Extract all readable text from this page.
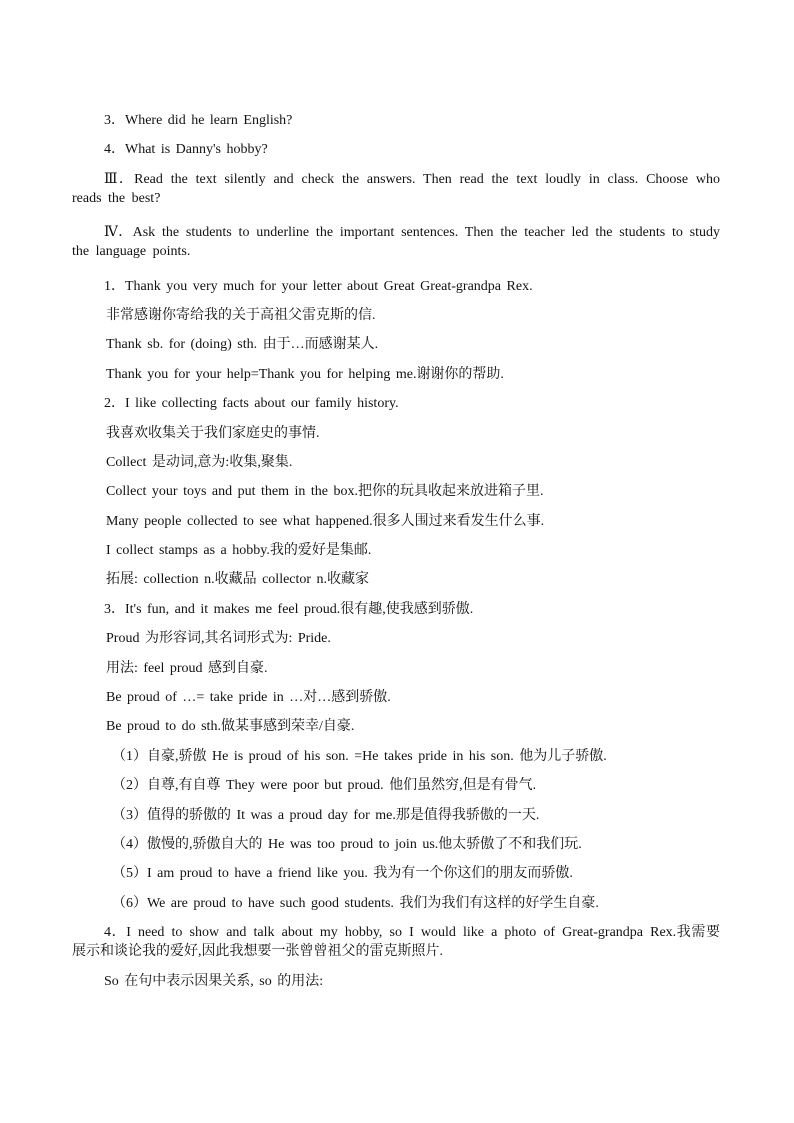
3．Where did he learn English?

4．What is Danny's hobby?

Ⅲ．Read the text silently and check the answers. Then read the text loudly in class. Choose who reads the best?

Ⅳ．Ask the students to underline the important sentences. Then the teacher led the students to study the language points.

1．Thank you very much for your letter about Great Great-grandpa Rex.

非常感谢你寄给我的关于高祖父雷克斯的信.

Thank sb. for (doing) sth. 由于…而感谢某人.

Thank you for your help=Thank you for helping me.谢谢你的帮助.

2．I like collecting facts about our family history.

我喜欢收集关于我们家庭史的事情.

Collect 是动词,意为:收集,聚集.

Collect your toys and put them in the box.把你的玩具收起来放进箱子里.

Many people collected to see what happened.很多人围过来看发生什么事.

I collect stamps as a hobby.我的爱好是集邮.

拓展: collection n.收藏品 collector n.收藏家

3．It's fun, and it makes me feel proud.很有趣,使我感到骄傲.

Proud 为形容词,其名词形式为: Pride.

用法: feel proud 感到自豪.

Be proud of …= take pride in …对…感到骄傲.

Be proud to do sth.做某事感到荣幸/自豪.

（1）自豪,骄傲 He is proud of his son. =He takes pride in his son. 他为儿子骄傲.

（2）自尊,有自尊 They were poor but proud. 他们虽然穷,但是有骨气.

（3）值得的骄傲的 It was a proud day for me.那是值得我骄傲的一天.

（4）傲慢的,骄傲自大的 He was too proud to join us.他太骄傲了不和我们玩.

（5）I am proud to have a friend like you. 我为有一个你这们的朋友而骄傲.

（6）We are proud to have such good students. 我们为我们有这样的好学生自豪.

4．I need to show and talk about my hobby, so I would like a photo of Great-grandpa Rex.我需要展示和谈论我的爱好,因此我想要一张曾曾祖父的雷克斯照片.

So 在句中表示因果关系, so 的用法:
